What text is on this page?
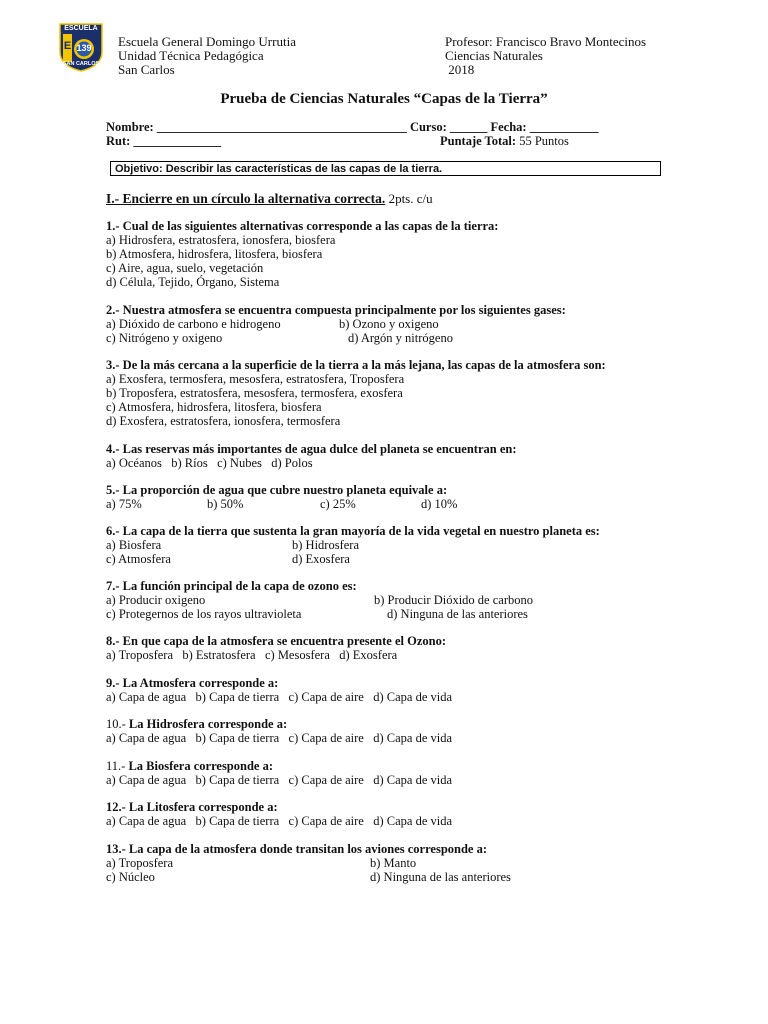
ESCUELA
E 139
SAN CARLOS
Escuela General Domingo Urrutia
Unidad Técnica Pedagógica
San Carlos
Profesor: Francisco Bravo Montecinos
Ciencias Naturales
2018
Prueba de Ciencias Naturales “Capas de la Tierra”
Nombre: ________________________________________ Curso: ______ Fecha: ___________
Rut: ______________	Puntaje Total: 55 Puntos
Objetivo: Describir las características de las capas de la tierra.
I.- Encierre en un círculo la alternativa correcta. 2pts. c/u
1.- Cual de las siguientes alternativas corresponde a las capas de la tierra:
a) Hidrosfera, estratosfera, ionosfera, biosfera
b) Atmosfera, hidrosfera, litosfera, biosfera
c) Aire, agua, suelo, vegetación
d) Célula, Tejido, Órgano, Sistema
2.- Nuestra atmosfera se encuentra compuesta principalmente por los siguientes gases:
a) Dióxido de carbono e hidrogeno	b) Ozono y oxigeno
c) Nitrógeno y oxigeno	d) Argón y nitrógeno
3.- De la más cercana a la superficie de la tierra a la más lejana, las capas de la atmosfera son:
a) Exosfera, termosfera, mesosfera, estratosfera, Troposfera
b) Troposfera, estratosfera, mesosfera, termosfera, exosfera
c) Atmosfera, hidrosfera, litosfera, biosfera
d) Exosfera, estratosfera, ionosfera, termosfera
4.- Las reservas más importantes de agua dulce del planeta se encuentran en:
a) Océanos   b) Ríos   c) Nubes   d) Polos
5.- La proporción de agua que cubre nuestro planeta equivale a:
a) 75%	b) 50%	c) 25%	d) 10%
6.- La capa de la tierra que sustenta la gran mayoría de la vida vegetal en nuestro planeta es:
a) Biosfera	b) Hidrosfera
c) Atmosfera	d) Exosfera
7.- La función principal de la capa de ozono es:
a) Producir oxigeno	b) Producir Dióxido de carbono
c) Protegernos de los rayos ultravioleta	d) Ninguna de las anteriores
8.- En que capa de la atmosfera se encuentra presente el Ozono:
a) Troposfera   b) Estratosfera   c) Mesosfera   d) Exosfera
9.- La Atmosfera corresponde a:
a) Capa de agua   b) Capa de tierra   c) Capa de aire   d) Capa de vida
10.- La Hidrosfera corresponde a:
a) Capa de agua   b) Capa de tierra   c) Capa de aire   d) Capa de vida
11.- La Biosfera corresponde a:
a) Capa de agua   b) Capa de tierra   c) Capa de aire   d) Capa de vida
12.- La Litosfera corresponde a:
a) Capa de agua   b) Capa de tierra   c) Capa de aire   d) Capa de vida
13.- La capa de la atmosfera donde transitan los aviones corresponde a:
a) Troposfera	b) Manto
c) Núcleo	d) Ninguna de las anteriores
